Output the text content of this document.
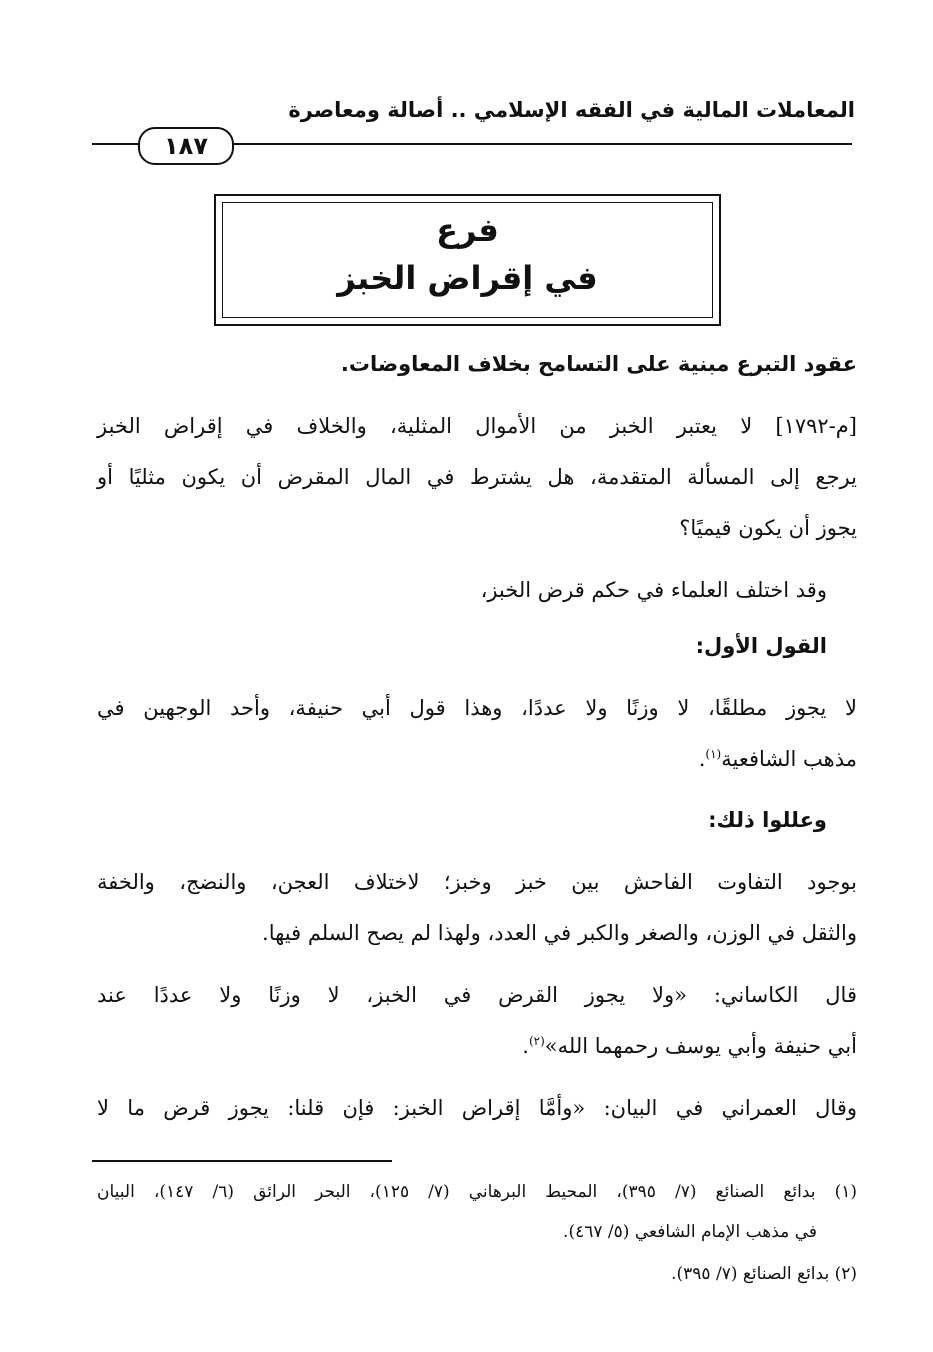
المعاملات المالية في الفقه الإسلامي .. أصالة ومعاصرة
١٨٧
فرع
في إقراض الخبز
عقود التبرع مبنية على التسامح بخلاف المعاوضات.
[م-١٧٩٢] لا يعتبر الخبز من الأموال المثلية، والخلاف في إقراض الخبز
يرجع إلى المسألة المتقدمة، هل يشترط في المال المقرض أن يكون مثليًا أو
يجوز أن يكون قيميًا؟
وقد اختلف العلماء في حكم قرض الخبز،
القول الأول:
لا يجوز مطلقًا، لا وزنًا ولا عددًا، وهذا قول أبي حنيفة، وأحد الوجهين في
مذهب الشافعية$^{(١)}$.
وعللوا ذلك:
بوجود التفاوت الفاحش بين خبز وخبز؛ لاختلاف العجن، والنضج، والخفة
والثقل في الوزن، والصغر والكبر في العدد، ولهذا لم يصح السلم فيها.
قال الكاساني: «ولا يجوز القرض في الخبز، لا وزنًا ولا عددًا عند
أبي حنيفة وأبي يوسف رحمهما الله»$^{(٢)}$.
وقال العمراني في البيان: «وأمَّا إقراض الخبز: فإن قلنا: يجوز قرض ما لا
(١) بدائع الصنائع (٧/ ٣٩٥)، المحيط البرهاني (٧/ ١٢٥)، البحر الرائق (٦/ ١٤٧)، البيان
في مذهب الإمام الشافعي (٥/ ٤٦٧).
(٢) بدائع الصنائع (٧/ ٣٩٥).
